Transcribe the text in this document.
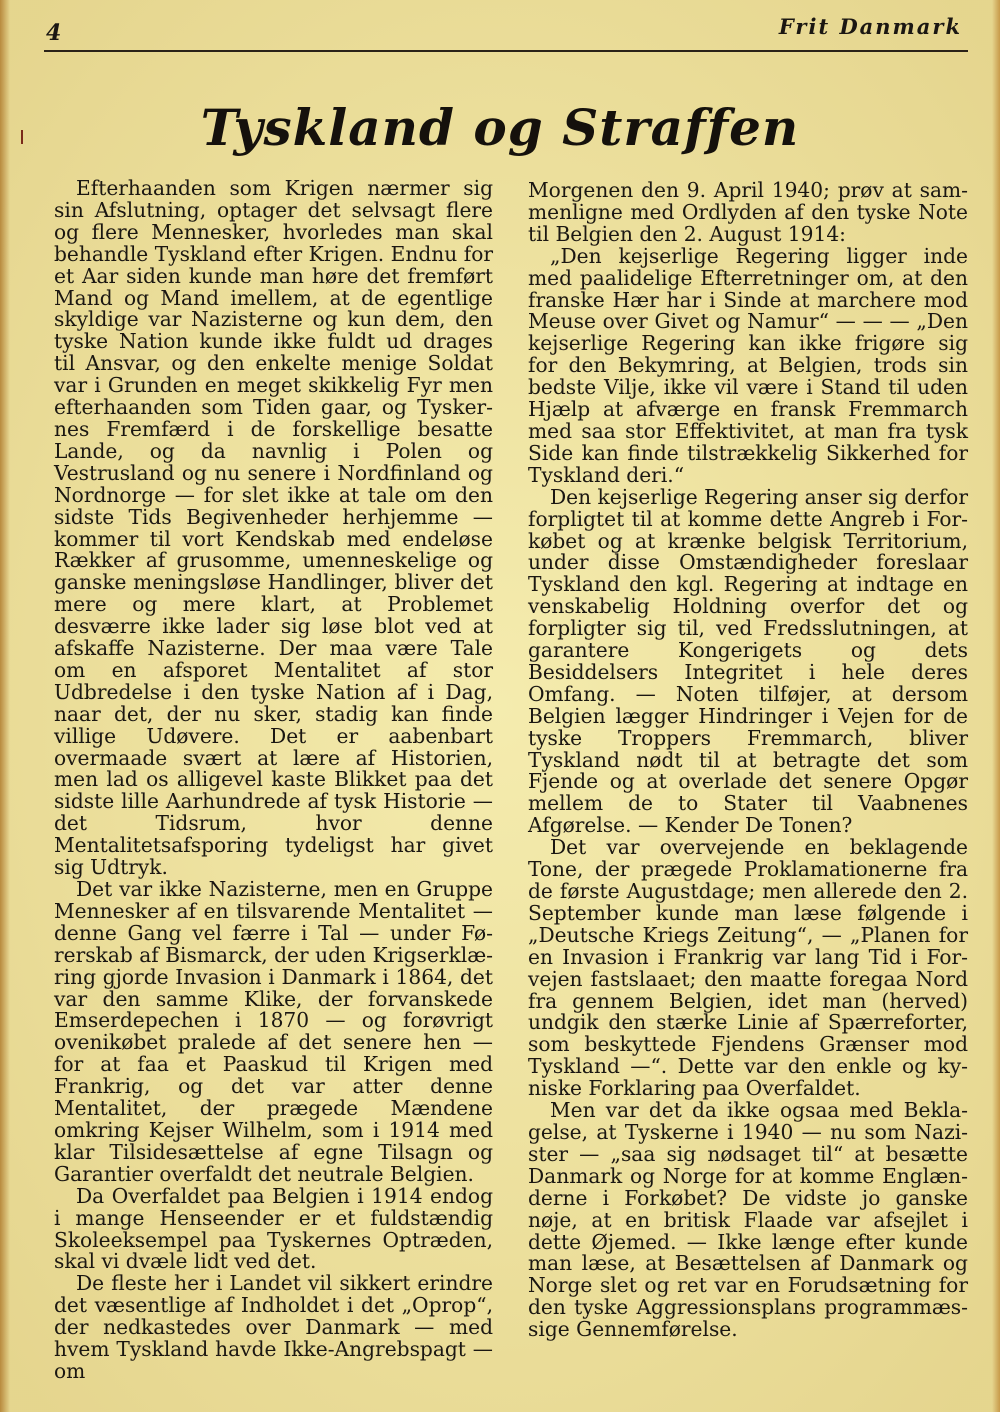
4	Frit Danmark
Tyskland og Straffen

Efterhaanden som Krigen nærmer sig sin Afslutning, optager det selvsagt flere og flere Mennesker, hvorledes man skal behandle Tyskland efter Krigen. Endnu for et Aar siden kunde man høre det fremført Mand og Mand imellem, at de egentlige skyldige var Nazisterne og kun dem, den tyske Nation kunde ikke fuldt ud drages til Ansvar, og den enkelte menige Soldat var i Grunden en meget skikkelig Fyr men efterhaanden som Tiden gaar, og Tyskernes Fremfærd i de forskellige besatte Lande, og da navnlig i Polen og Vestrusland og nu senere i Nordfinland og Nordnorge — for slet ikke at tale om den sidste Tids Begivenheder herhjemme — kommer til vort Kendskab med endeløse Rækker af grusomme, umenneskelige og ganske meningsløse Handlinger, bliver det mere og mere klart, at Problemet desværre ikke lader sig løse blot ved at afskaffe Nazisterne. Der maa være Tale om en afsporet Mentalitet af stor Udbredelse i den tyske Nation af i Dag, naar det, der nu sker, stadig kan finde villige Udøvere. Det er aabenbart overmaade svært at lære af Historien, men lad os alligevel kaste Blikket paa det sidste lille Aarhundrede af tysk Historie — det Tidsrum, hvor denne Mentalitetsafsporing tydeligst har givet sig Udtryk.

Det var ikke Nazisterne, men en Gruppe Mennesker af en tilsvarende Mentalitet — denne Gang vel færre i Tal — under Førerskab af Bismarck, der uden Krigserklæring gjorde Invasion i Danmark i 1864, det var den samme Klike, der forvanskede Emserdepechen i 1870 — og forøvrigt ovenikøbet pralede af det senere hen — for at faa et Paaskud til Krigen med Frankrig, og det var atter denne Mentalitet, der prægede Mændene omkring Kejser Wilhelm, som i 1914 med klar Tilsidesættelse af egne Tilsagn og Garantier overfaldt det neutrale Belgien.

Da Overfaldet paa Belgien i 1914 endog i mange Henseender er et fuldstændig Skoleeksempel paa Tyskernes Optræden, skal vi dvæle lidt ved det.

De fleste her i Landet vil sikkert erindre det væsentlige af Indholdet i det „Oprop“, der nedkastedes over Danmark — med hvem Tyskland havde Ikke-Angrebspagt — om

Morgenen den 9. April 1940; prøv at sammenligne med Ordlyden af den tyske Note til Belgien den 2. August 1914:

„Den kejserlige Regering ligger inde med paalidelige Efterretninger om, at den franske Hær har i Sinde at marchere mod Meuse over Givet og Namur“ — — — „Den kejserlige Regering kan ikke frigøre sig for den Bekymring, at Belgien, trods sin bedste Vilje, ikke vil være i Stand til uden Hjælp at afværge en fransk Fremmarch med saa stor Effektivitet, at man fra tysk Side kan finde tilstrækkelig Sikkerhed for Tyskland deri.“

Den kejserlige Regering anser sig derfor forpligtet til at komme dette Angreb i Forkøbet og at krænke belgisk Territorium, under disse Omstændigheder foreslaar Tyskland den kgl. Regering at indtage en venskabelig Holdning overfor det og forpligter sig til, ved Fredsslutningen, at garantere Kongerigets og dets Besiddelsers Integritet i hele deres Omfang. — Noten tilføjer, at dersom Belgien lægger Hindringer i Vejen for de tyske Troppers Fremmarch, bliver Tyskland nødt til at betragte det som Fjende og at overlade det senere Opgør mellem de to Stater til Vaabnenes Afgørelse. — Kender De Tonen?

Det var overvejende en beklagende Tone, der prægede Proklamationerne fra de første Augustdage; men allerede den 2. September kunde man læse følgende i „Deutsche Kriegs Zeitung“, — „Planen for en Invasion i Frankrig var lang Tid i Forvejen fastslaaet; den maatte foregaa Nord fra gennem Belgien, idet man (herved) undgik den stærke Linie af Spærreforter, som beskyttede Fjendens Grænser mod Tyskland —“. Dette var den enkle og kyniske Forklaring paa Overfaldet.

Men var det da ikke ogsaa med Beklagelse, at Tyskerne i 1940 — nu som Nazister — „saa sig nødsaget til“ at besætte Danmark og Norge for at komme Englænderne i Forkøbet? De vidste jo ganske nøje, at en britisk Flaade var afsejlet i dette Øjemed. — Ikke længe efter kunde man læse, at Besættelsen af Danmark og Norge slet og ret var en Forudsætning for den tyske Aggressionsplans programmæssige Gennemførelse.
